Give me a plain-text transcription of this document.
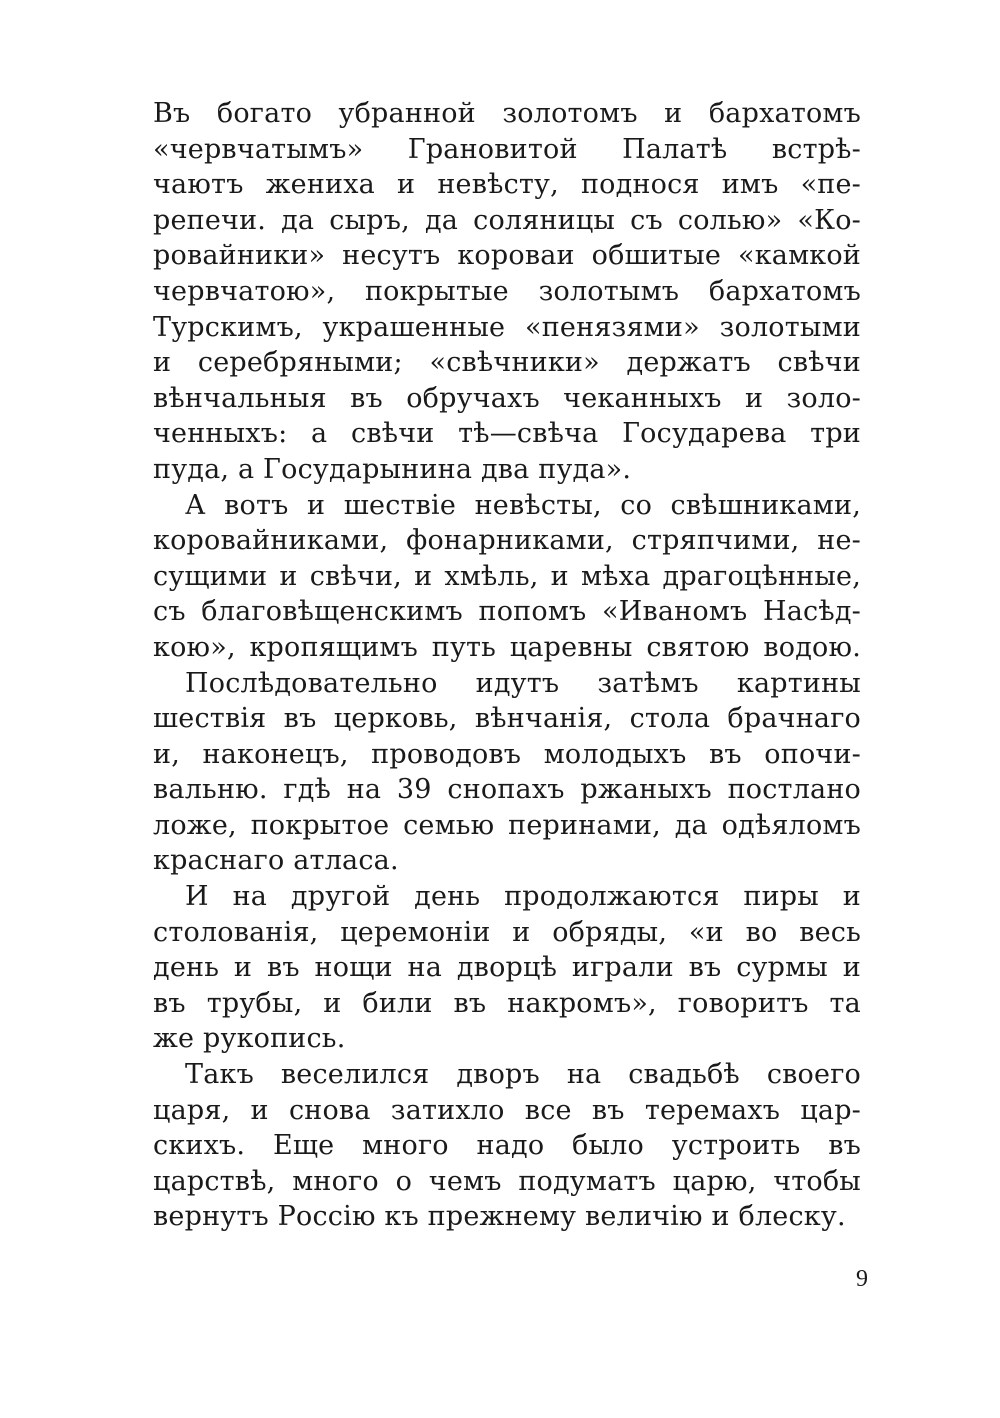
Въ богато убранной золотомъ и бархатомъ
«червчатымъ» Грановитой Палатѣ встрѣ-
чаютъ жениха и невѣсту, поднося имъ «пе-
репечи. да сыръ, да соляницы съ солью» «Ко-
ровайники» несутъ короваи обшитые «камкой
червчатою», покрытые золотымъ бархатомъ
Турскимъ, украшенные «пенязями» золотыми
и серебряными; «свѣчники» держатъ свѣчи
вѣнчальныя въ обручахъ чеканныхъ и золо-
ченныхъ: а свѣчи тѣ—свѣча Государева три
пуда, а Государынина два пуда».

А вотъ и шествіе невѣсты, со свѣшниками,
коровайниками, фонарниками, стряпчими, не-
сущими и свѣчи, и хмѣль, и мѣха драгоцѣнные,
съ благовѣщенскимъ попомъ «Иваномъ Насѣд-
кою», кропящимъ путь царевны святою водою.

Послѣдовательно идутъ затѣмъ картины
шествія въ церковь, вѣнчанія, стола брачнаго
и, наконецъ, проводовъ молодыхъ въ опочи-
вальню. гдѣ на 39 снопахъ ржаныхъ постлано
ложе, покрытое семью перинами, да одѣяломъ
краснаго атласа.

И на другой день продолжаются пиры и
столованія, церемоніи и обряды, «и во весь
день и въ нощи на дворцѣ играли въ сурмы и
въ трубы, и били въ накромъ», говоритъ та
же рукопись.

Такъ веселился дворъ на свадьбѣ своего
царя, и снова затихло все въ теремахъ цар-
скихъ. Еще много надо было устроить въ
царствѣ, много о чемъ подуматъ царю, чтобы
вернутъ Россію къ прежнему величію и блеску.

9
